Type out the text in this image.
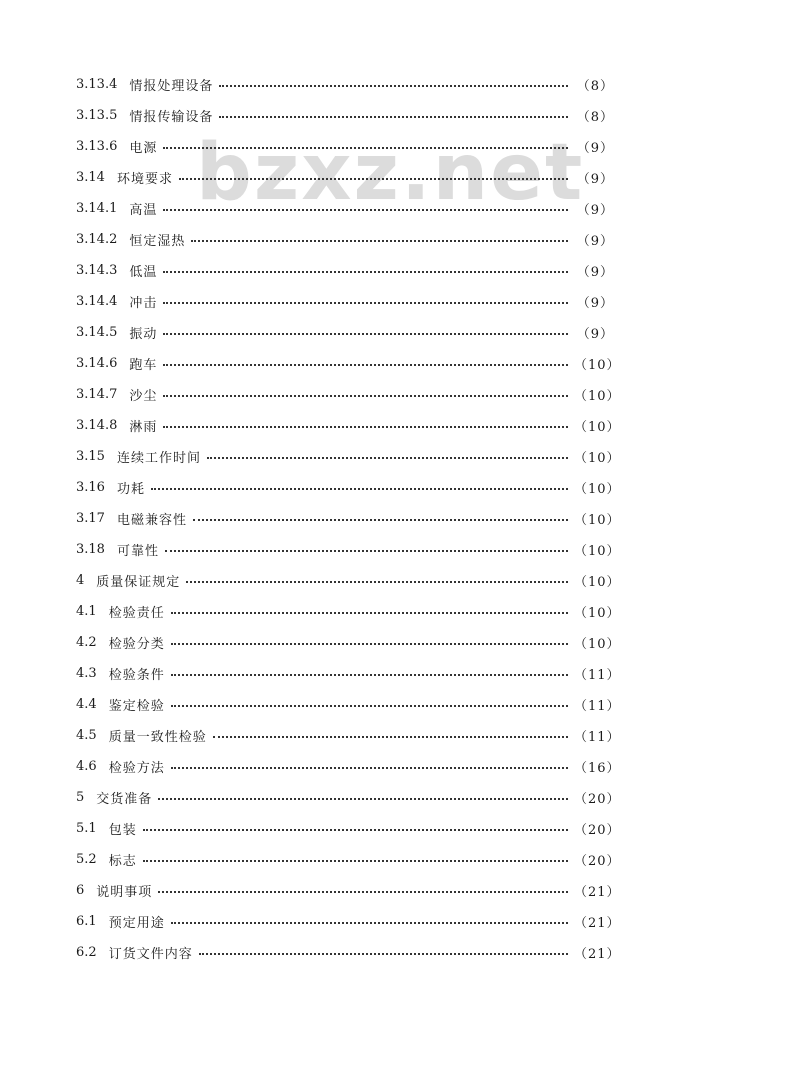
bzxz.net
3.13.4 情报处理设备	（8）
3.13.5 情报传输设备	（8）
3.13.6 电源	（9）
3.14 环境要求	（9）
3.14.1 高温	（9）
3.14.2 恒定湿热	（9）
3.14.3 低温	（9）
3.14.4 冲击	（9）
3.14.5 振动	（9）
3.14.6 跑车	（10）
3.14.7 沙尘	（10）
3.14.8 淋雨	（10）
3.15 连续工作时间	（10）
3.16 功耗	（10）
3.17 电磁兼容性	（10）
3.18 可靠性	（10）
4 质量保证规定	（10）
4.1 检验责任	（10）
4.2 检验分类	（10）
4.3 检验条件	（11）
4.4 鉴定检验	（11）
4.5 质量一致性检验	（11）
4.6 检验方法	（16）
5 交货准备	（20）
5.1 包装	（20）
5.2 标志	（20）
6 说明事项	（21）
6.1 预定用途	（21）
6.2 订货文件内容	（21）
